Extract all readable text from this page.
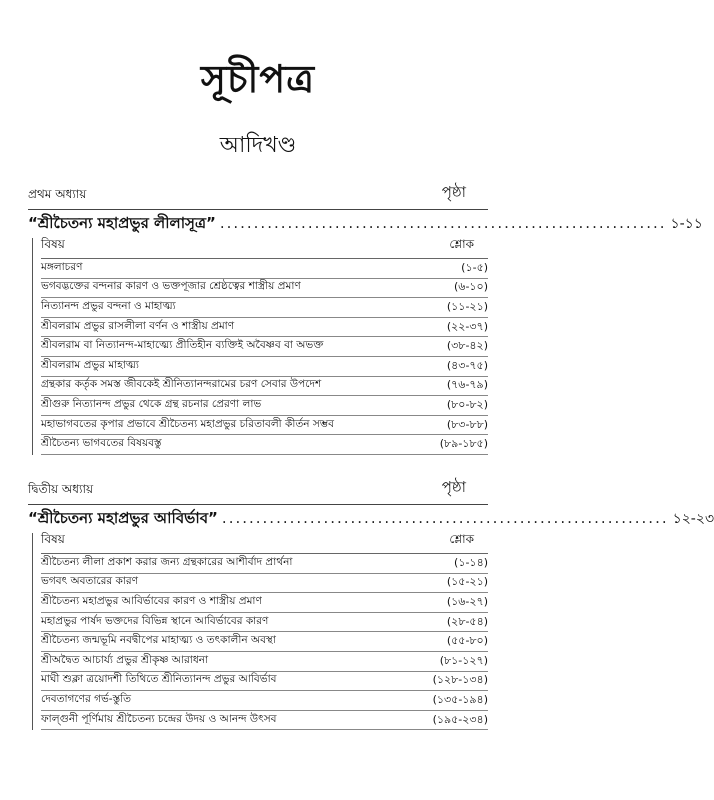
সূচীপত্র
আদিখণ্ড
প্রথম অধ্যায়	পৃষ্ঠা
“শ্রীচৈতন্য মহাপ্রভুর লীলাসূত্র” .................................................................. ১-১১
বিষয়	শ্লোক
মঙ্গলাচরণ	(১-৫)
ভগবদ্ভক্তের বন্দনার কারণ ও ভক্তপূজার শ্রেষ্ঠত্বের শাস্ত্রীয় প্রমাণ	(৬-১০)
নিত্যানন্দ প্রভুর বন্দনা ও মাহাত্ম্য	(১১-২১)
শ্রীবলরাম প্রভুর রাসলীলা বর্ণন ও শাস্ত্রীয় প্রমাণ	(২২-৩৭)
শ্রীবলরাম বা নিত্যানন্দ-মাহাত্ম্যে প্রীতিহীন ব্যক্তিই অবৈষ্ণব বা অভক্ত	(৩৮-৪২)
শ্রীবলরাম প্রভুর মাহাত্ম্য	(৪৩-৭৫)
গ্রন্থকার কর্তৃক সমস্ত জীবকেই শ্রীনিত্যানন্দরামের চরণ সেবার উপদেশ	(৭৬-৭৯)
শ্রীগুরু নিত্যানন্দ প্রভুর থেকে গ্রন্থ রচনার প্রেরণা লাভ	(৮০-৮২)
মহাভাগবতের কৃপার প্রভাবে শ্রীচৈতন্য মহাপ্রভুর চরিতাবলী কীর্তন সম্ভব	(৮৩-৮৮)
শ্রীচৈতন্য ভাগবতের বিষয়বস্তু	(৮৯-১৮৫)
দ্বিতীয় অধ্যায়	পৃষ্ঠা
“শ্রীচৈতন্য মহাপ্রভুর আবির্ভাব” .................................................................. ১২-২৩
বিষয়	শ্লোক
শ্রীচৈতন্য লীলা প্রকাশ করার জন্য গ্রন্থকারের আশীর্বাদ প্রার্থনা	(১-১৪)
ভগবৎ অবতারের কারণ	(১৫-২১)
শ্রীচৈতন্য মহাপ্রভুর আবির্ভাবের কারণ ও শাস্ত্রীয় প্রমাণ	(১৬-২৭)
মহাপ্রভুর পার্ষদ ভক্তদের বিভিন্ন স্থানে আবির্ভাবের কারণ	(২৮-৫৪)
শ্রীচৈতন্য জন্মভূমি নবদ্বীপের মাহাত্ম্য ও তৎকালীন অবস্থা	(৫৫-৮০)
শ্রীঅদ্বৈত আচার্য্য প্রভুর শ্রীকৃষ্ণ আরাধনা	(৮১-১২৭)
মাঘী শুক্লা ত্রয়োদশী তিথিতে শ্রীনিত্যানন্দ প্রভুর আবির্ভাব	(১২৮-১৩৪)
দেবতাগণের গর্ভ-স্তুতি	(১৩৫-১৯৪)
ফাল্গুনী পূর্ণিমায় শ্রীচৈতন্য চন্দ্রের উদয় ও আনন্দ উৎসব	(১৯৫-২৩৪)
